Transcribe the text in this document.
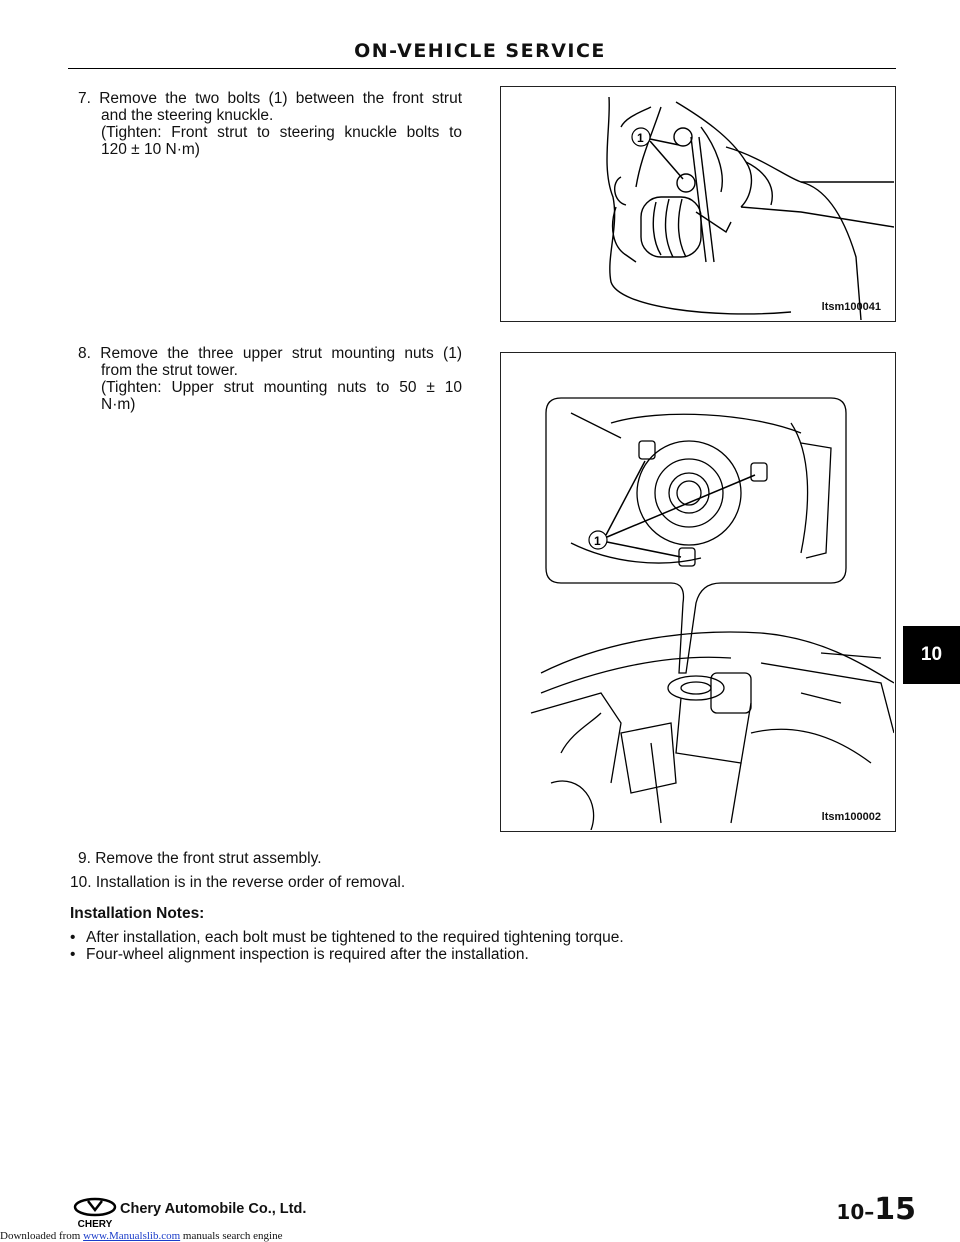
ON-VEHICLE SERVICE
7. Remove the two bolts (1) between the front strut
and the steering knuckle.
(Tighten: Front strut to steering knuckle bolts to
120 ± 10 N·m)
8. Remove the three upper strut mounting nuts (1)
from the strut tower.
(Tighten: Upper strut mounting nuts to 50 ± 10
N·m)
9. Remove the front strut assembly.
10. Installation is in the reverse order of removal.
1
ltsm100041
1
ltsm100002
Installation Notes:
• After installation, each bolt must be tightened to the required tightening torque.
• Four-wheel alignment inspection is required after the installation.
10
CHERY
Chery Automobile Co., Ltd.	10–15
Downloaded from www.Manualslib.com manuals search engine
